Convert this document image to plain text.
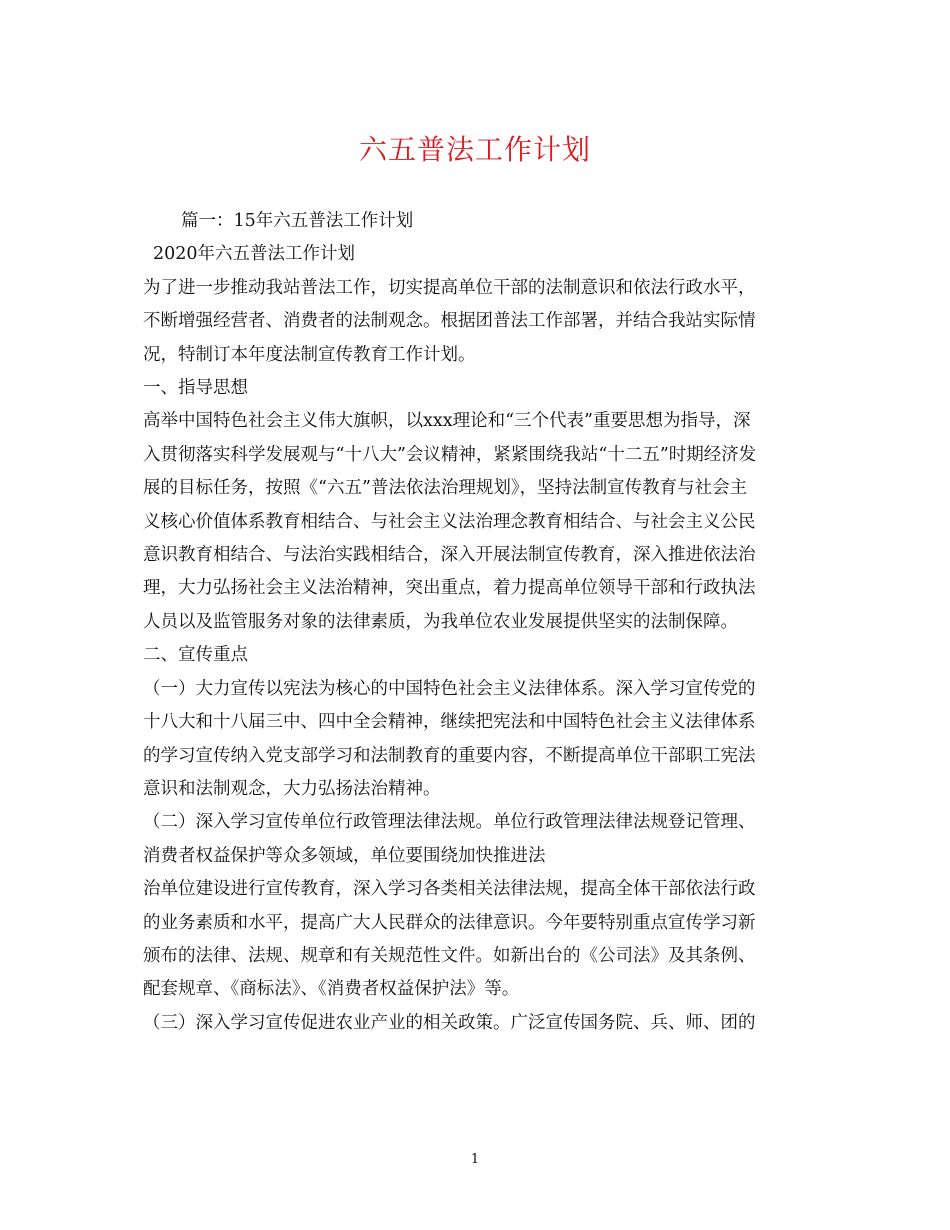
六五普法工作计划

篇一：15年六五普法工作计划

2020年六五普法工作计划

为了进一步推动我站普法工作，切实提高单位干部的法制意识和依法行政水平，

不断增强经营者、消费者的法制观念。根据团普法工作部署，并结合我站实际情

况，特制订本年度法制宣传教育工作计划。

一、指导思想

高举中国特色社会主义伟大旗帜，以xxx理论和“三个代表”重要思想为指导，深

入贯彻落实科学发展观与“十八大”会议精神，紧紧围绕我站“十二五”时期经济发

展的目标任务，按照《“六五”普法依法治理规划》，坚持法制宣传教育与社会主

义核心价值体系教育相结合、与社会主义法治理念教育相结合、与社会主义公民

意识教育相结合、与法治实践相结合，深入开展法制宣传教育，深入推进依法治

理，大力弘扬社会主义法治精神，突出重点，着力提高单位领导干部和行政执法

人员以及监管服务对象的法律素质，为我单位农业发展提供坚实的法制保障。

二、宣传重点

（一）大力宣传以宪法为核心的中国特色社会主义法律体系。深入学习宣传党的

十八大和十八届三中、四中全会精神，继续把宪法和中国特色社会主义法律体系

的学习宣传纳入党支部学习和法制教育的重要内容，不断提高单位干部职工宪法

意识和法制观念，大力弘扬法治精神。

（二）深入学习宣传单位行政管理法律法规。单位行政管理法律法规登记管理、

消费者权益保护等众多领域，单位要围绕加快推进法

治单位建设进行宣传教育，深入学习各类相关法律法规，提高全体干部依法行政

的业务素质和水平，提高广大人民群众的法律意识。今年要特别重点宣传学习新

颁布的法律、法规、规章和有关规范性文件。如新出台的《公司法》及其条例、

配套规章、《商标法》、《消费者权益保护法》等。

（三）深入学习宣传促进农业产业的相关政策。广泛宣传国务院、兵、师、团的

1
